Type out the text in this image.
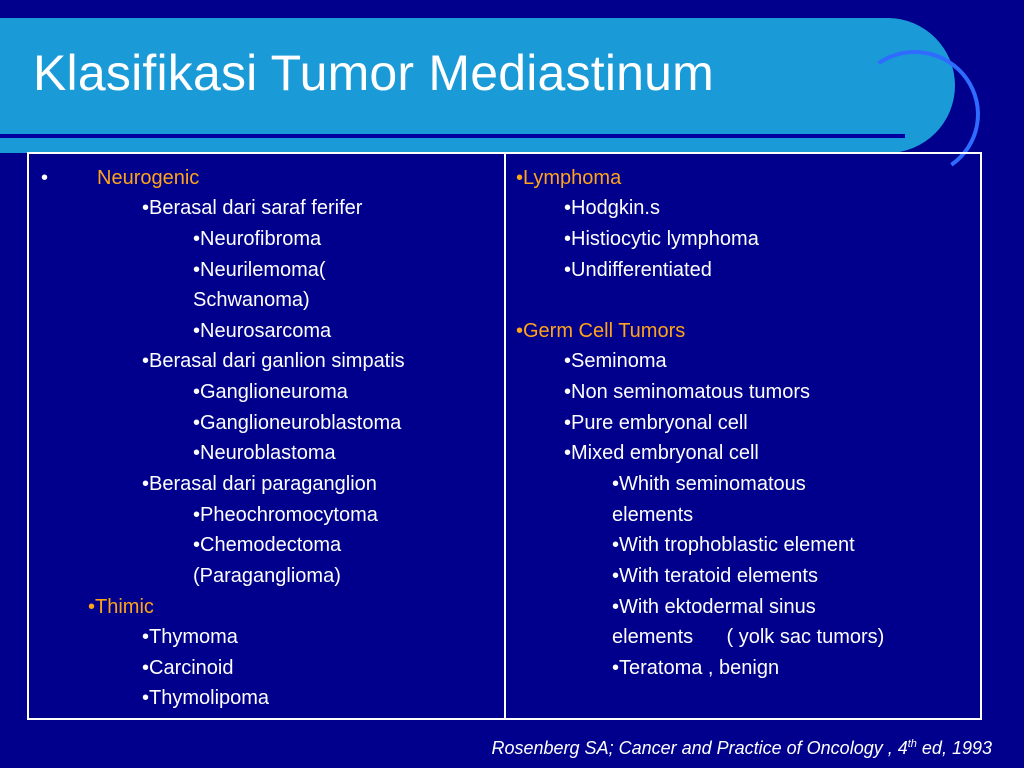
Klasifikasi Tumor Mediastinum
• Neurogenic
•Berasal dari saraf ferifer
•Neurofibroma
•Neurilemoma(
Schwanoma)
•Neurosarcoma
•Berasal dari ganlion simpatis
•Ganglioneuroma
•Ganglioneuroblastoma
•Neuroblastoma
•Berasal dari paraganglion
•Pheochromocytoma
•Chemodectoma
(Paraganglioma)
•Thimic
•Thymoma
•Carcinoid
•Thymolipoma
•Lymphoma
•Hodgkin.s
•Histiocytic lymphoma
•Undifferentiated
•Germ Cell Tumors
•Seminoma
•Non seminomatous tumors
•Pure embryonal cell
•Mixed embryonal cell
•Whith seminomatous
elements
•With trophoblastic element
•With teratoid elements
•With ektodermal sinus
elements      ( yolk sac tumors)
•Teratoma , benign
Rosenberg SA; Cancer and Practice of Oncology , 4th ed, 1993
